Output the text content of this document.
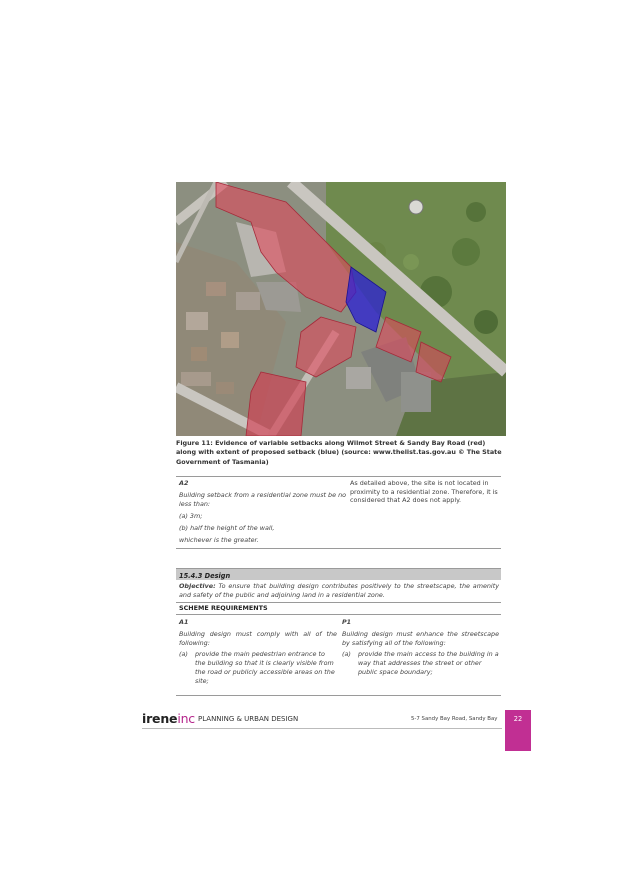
Figure 11: Evidence of variable setbacks along Wilmot Street & Sandy Bay Road (red) along with extent of proposed setback (blue) (source: www.thelist.tas.gov.au © The State Government of Tasmania)

A2

Building setback from a residential zone must be no less than:

(a) 3m;

(b) half the height of the wall,

whichever is the greater.

As detailed above, the site is not located in proximity to a residential zone. Therefore, it is considered that A2 does not apply.

15.4.3 Design
Objective: To ensure that building design contributes positively to the streetscape, the amenity and safety of the public and adjoining land in a residential zone.
SCHEME REQUIREMENTS
A1

Building design must comply with all of the following:

(a)	provide the main pedestrian entrance to the building so that it is clearly visible from the road or publicly accessible areas on the site;
P1

Building design must enhance the streetscape by satisfying all of the following:

(a)	provide the main access to the building in a way that addresses the street or other public space boundary;
ireneinc PLANNING & URBAN DESIGN	5-7 Sandy Bay Road, Sandy Bay	22
